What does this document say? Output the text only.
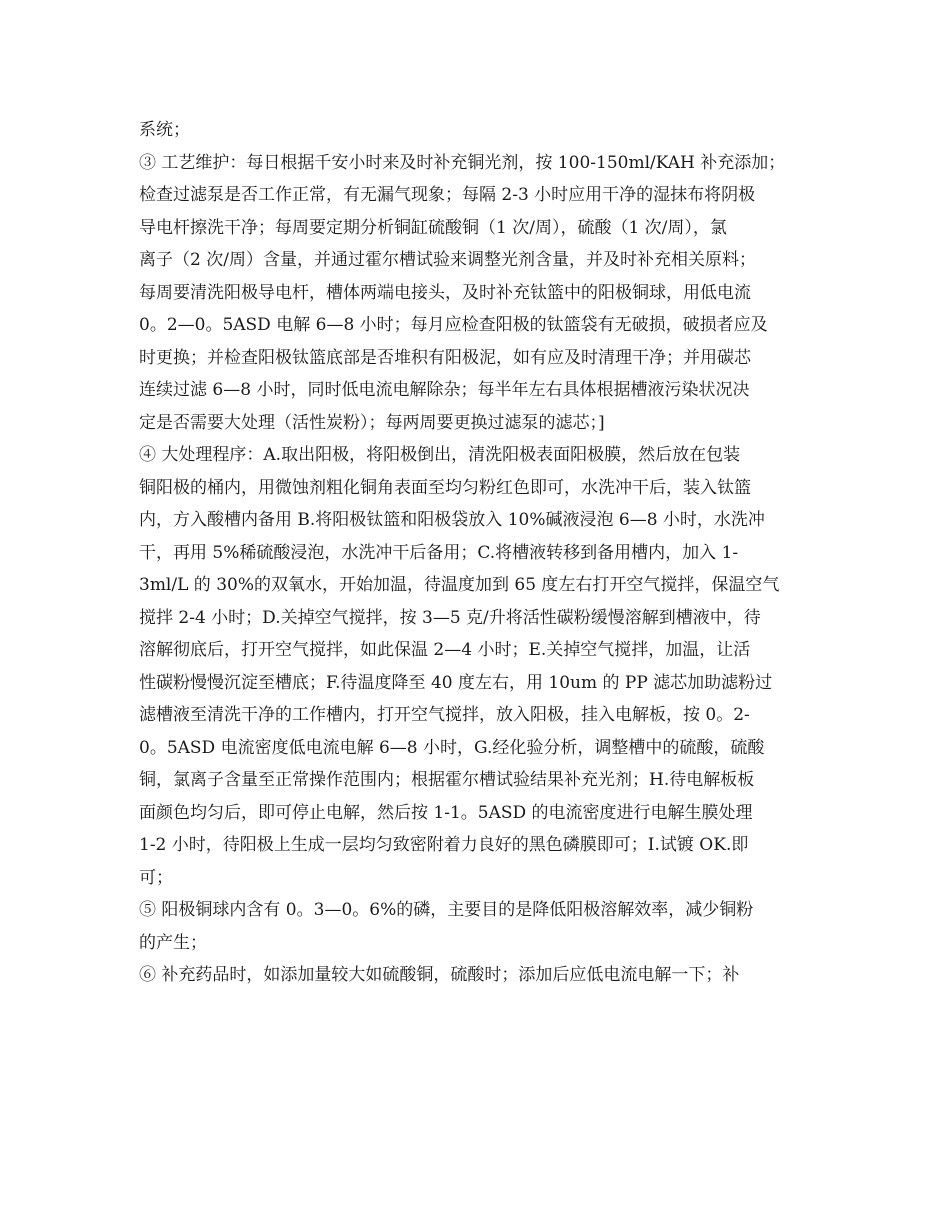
系统；
③ 工艺维护：每日根据千安小时来及时补充铜光剂，按 100-150ml/KAH 补充添加；
检查过滤泵是否工作正常，有无漏气现象；每隔 2-3 小时应用干净的湿抹布将阴极
导电杆擦洗干净；每周要定期分析铜缸硫酸铜（1 次/周），硫酸（1 次/周），氯
离子（2 次/周）含量，并通过霍尔槽试验来调整光剂含量，并及时补充相关原料；
每周要清洗阳极导电杆，槽体两端电接头，及时补充钛篮中的阳极铜球，用低电流
0。2—0。5ASD 电解 6—8 小时；每月应检查阳极的钛篮袋有无破损，破损者应及
时更换；并检查阳极钛篮底部是否堆积有阳极泥，如有应及时清理干净；并用碳芯
连续过滤 6—8 小时，同时低电流电解除杂；每半年左右具体根据槽液污染状况决
定是否需要大处理（活性炭粉）；每两周要更换过滤泵的滤芯；]
④ 大处理程序：A.取出阳极，将阳极倒出，清洗阳极表面阳极膜，然后放在包装
铜阳极的桶内，用微蚀剂粗化铜角表面至均匀粉红色即可，水洗冲干后，装入钛篮
内，方入酸槽内备用 B.将阳极钛篮和阳极袋放入 10%碱液浸泡 6—8 小时，水洗冲
干，再用 5%稀硫酸浸泡，水洗冲干后备用；C.将槽液转移到备用槽内，加入 1-
3ml/L 的 30%的双氧水，开始加温，待温度加到 65 度左右打开空气搅拌，保温空气
搅拌 2-4 小时；D.关掉空气搅拌，按 3—5 克/升将活性碳粉缓慢溶解到槽液中，待
溶解彻底后，打开空气搅拌，如此保温 2—4 小时；E.关掉空气搅拌，加温，让活
性碳粉慢慢沉淀至槽底；F.待温度降至 40 度左右，用 10um 的 PP 滤芯加助滤粉过
滤槽液至清洗干净的工作槽内，打开空气搅拌，放入阳极，挂入电解板，按 0。2-
0。5ASD 电流密度低电流电解 6—8 小时，G.经化验分析，调整槽中的硫酸，硫酸
铜，氯离子含量至正常操作范围内；根据霍尔槽试验结果补充光剂；H.待电解板板
面颜色均匀后，即可停止电解，然后按 1-1。5ASD 的电流密度进行电解生膜处理
1-2 小时，待阳极上生成一层均匀致密附着力良好的黑色磷膜即可；I.试镀 OK.即
可；
⑤ 阳极铜球内含有 0。3—0。6%的磷，主要目的是降低阳极溶解效率，减少铜粉
的产生；
⑥ 补充药品时，如添加量较大如硫酸铜，硫酸时；添加后应低电流电解一下；补
